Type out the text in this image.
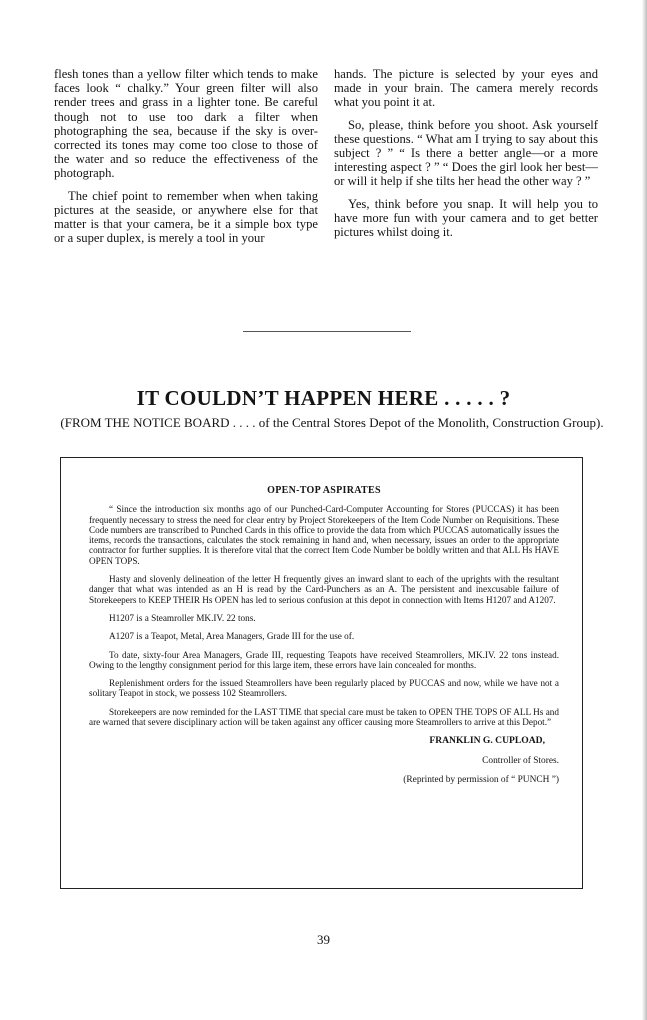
flesh tones than a yellow filter which tends to make faces look “ chalky.” Your green filter will also render trees and grass in a lighter tone. Be careful though not to use too dark a filter when photographing the sea, because if the sky is over-corrected its tones may come too close to those of the water and so reduce the effectiveness of the photograph.

The chief point to remember when when taking pictures at the seaside, or anywhere else for that matter is that your camera, be it a simple box type or a super duplex, is merely a tool in your

hands. The picture is selected by your eyes and made in your brain. The camera merely records what you point it at.

So, please, think before you shoot. Ask yourself these questions. “ What am I trying to say about this subject ? ” “ Is there a better angle—or a more interesting aspect ? ” “ Does the girl look her best—or will it help if she tilts her head the other way ? ”

Yes, think before you snap. It will help you to have more fun with your camera and to get better pictures whilst doing it.

IT COULDN’T HAPPEN HERE . . . . . ?
(FROM THE NOTICE BOARD . . . . of the Central Stores Depot of the Monolith, Construction Group).

OPEN-TOP ASPIRATES

“ Since the introduction six months ago of our Punched-Card-Computer Accounting for Stores (PUCCAS) it has been frequently necessary to stress the need for clear entry by Project Storekeepers of the Item Code Number on Requisitions. These Code numbers are transcribed to Punched Cards in this office to provide the data from which PUCCAS automatically issues the items, records the transactions, calculates the stock remaining in hand and, when necessary, issues an order to the appropriate contractor for further supplies. It is therefore vital that the correct Item Code Number be boldly written and that ALL Hs HAVE OPEN TOPS.

Hasty and slovenly delineation of the letter H frequently gives an inward slant to each of the uprights with the resultant danger that what was intended as an H is read by the Card-Punchers as an A. The persistent and inexcusable failure of Storekeepers to KEEP THEIR Hs OPEN has led to serious confusion at this depot in connection with Items H1207 and A1207.

H1207 is a Steamroller MK.IV. 22 tons.

A1207 is a Teapot, Metal, Area Managers, Grade III for the use of.

To date, sixty-four Area Managers, Grade III, requesting Teapots have received Steamrollers, MK.IV. 22 tons instead. Owing to the lengthy consignment period for this large item, these errors have lain concealed for months.

Replenishment orders for the issued Steamrollers have been regularly placed by PUCCAS and now, while we have not a solitary Teapot in stock, we possess 102 Steamrollers.

Storekeepers are now reminded for the LAST TIME that special care must be taken to OPEN THE TOPS OF ALL Hs and are warned that severe disciplinary action will be taken against any officer causing more Steamrollers to arrive at this Depot.”

FRANKLIN G. CUPLOAD,

Controller of Stores.

(Reprinted by permission of “ PUNCH ”)

39
